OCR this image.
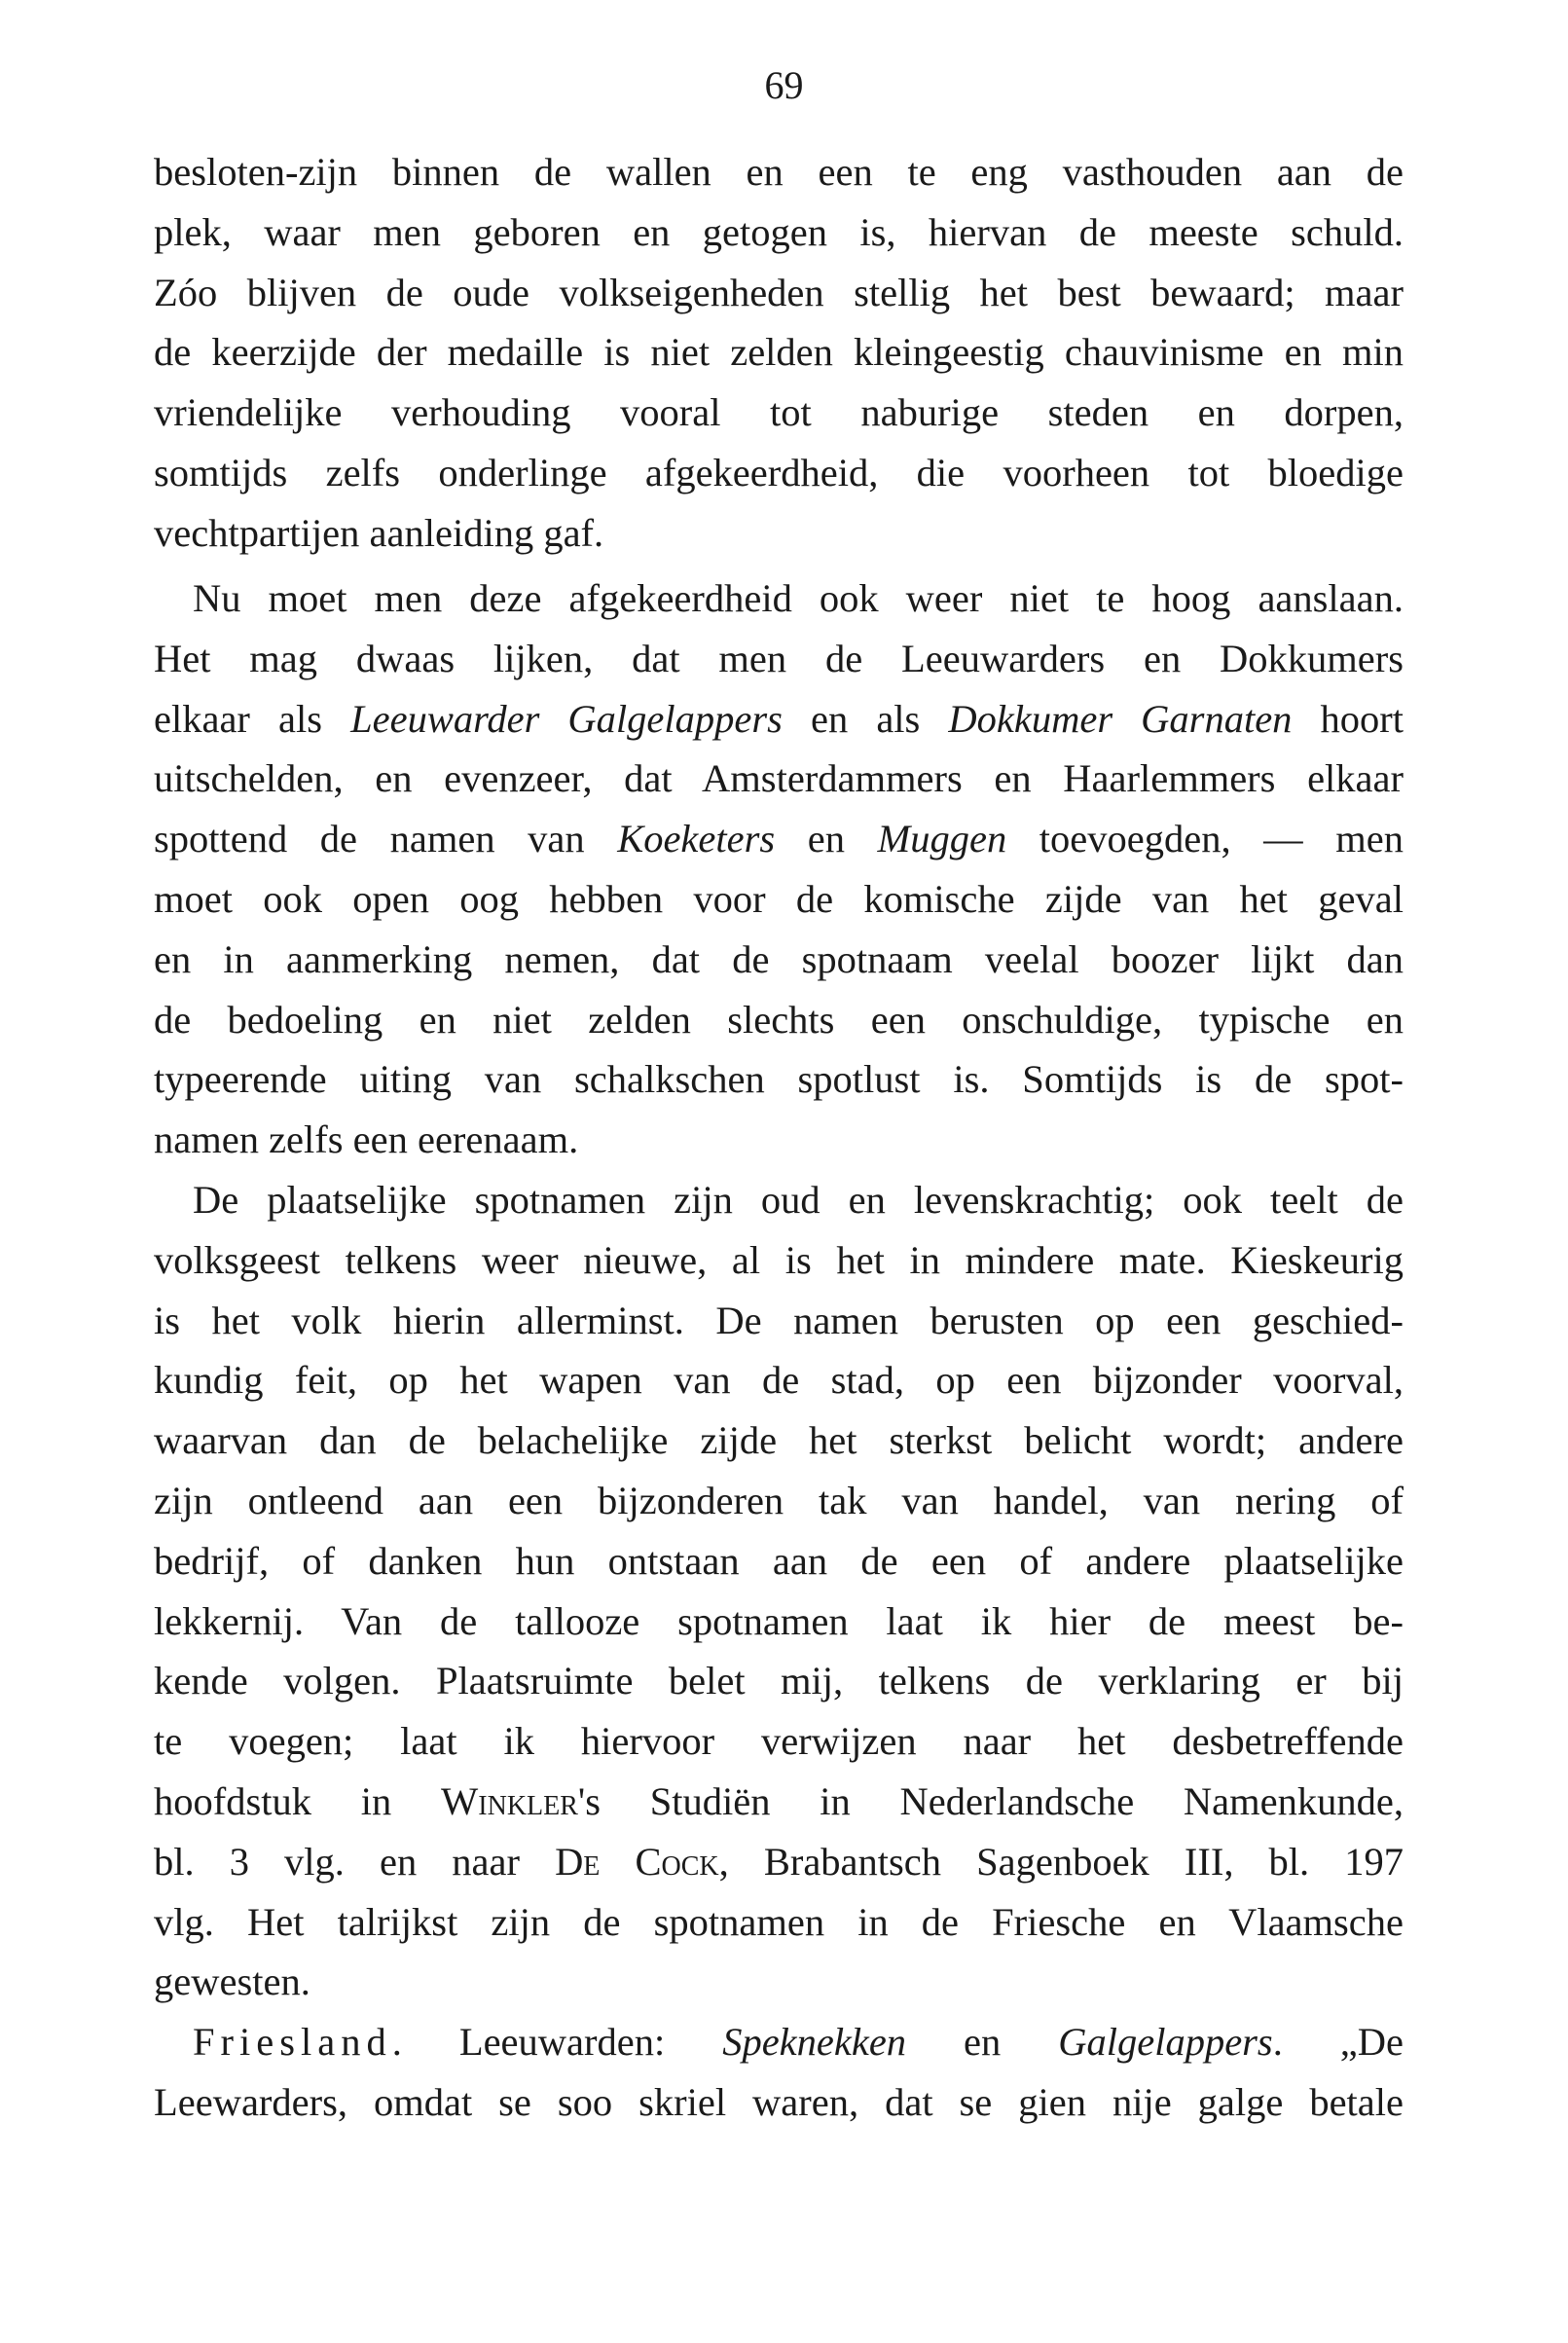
69
besloten-zijn binnen de wallen en een te eng vasthouden aan de
plek, waar men geboren en getogen is, hiervan de meeste schuld.
Zóo blijven de oude volkseigenheden stellig het best bewaard; maar
de keerzijde der medaille is niet zelden kleingeestig chauvinisme en min
vriendelijke verhouding vooral tot naburige steden en dorpen,
somtijds zelfs onderlinge afgekeerdheid, die voorheen tot bloedige
vechtpartijen aanleiding gaf.
Nu moet men deze afgekeerdheid ook weer niet te hoog aanslaan.
Het mag dwaas lijken, dat men de Leeuwarders en Dokkumers
elkaar als Leeuwarder Galgelappers en als Dokkumer Garnaten hoort
uitschelden, en evenzeer, dat Amsterdammers en Haarlemmers elkaar
spottend de namen van Koeketers en Muggen toevoegden, — men
moet ook open oog hebben voor de komische zijde van het geval
en in aanmerking nemen, dat de spotnaam veelal boozer lijkt dan
de bedoeling en niet zelden slechts een onschuldige, typische en
typeerende uiting van schalkschen spotlust is. Somtijds is de spot-
namen zelfs een eerenaam.
De plaatselijke spotnamen zijn oud en levenskrachtig; ook teelt de
volksgeest telkens weer nieuwe, al is het in mindere mate. Kieskeurig
is het volk hierin allerminst. De namen berusten op een geschied-
kundig feit, op het wapen van de stad, op een bijzonder voorval,
waarvan dan de belachelijke zijde het sterkst belicht wordt; andere
zijn ontleend aan een bijzonderen tak van handel, van nering of
bedrijf, of danken hun ontstaan aan de een of andere plaatselijke
lekkernij. Van de tallooze spotnamen laat ik hier de meest be-
kende volgen. Plaatsruimte belet mij, telkens de verklaring er bij
te voegen; laat ik hiervoor verwijzen naar het desbetreffende
hoofdstuk in Winkler's Studiën in Nederlandsche Namenkunde,
bl. 3 vlg. en naar De Cock, Brabantsch Sagenboek III, bl. 197
vlg. Het talrijkst zijn de spotnamen in de Friesche en Vlaamsche
gewesten.
Friesland. Leeuwarden: Speknekken en Galgelappers. „De
Leewarders, omdat se soo skriel waren, dat se gien nije galge betale
